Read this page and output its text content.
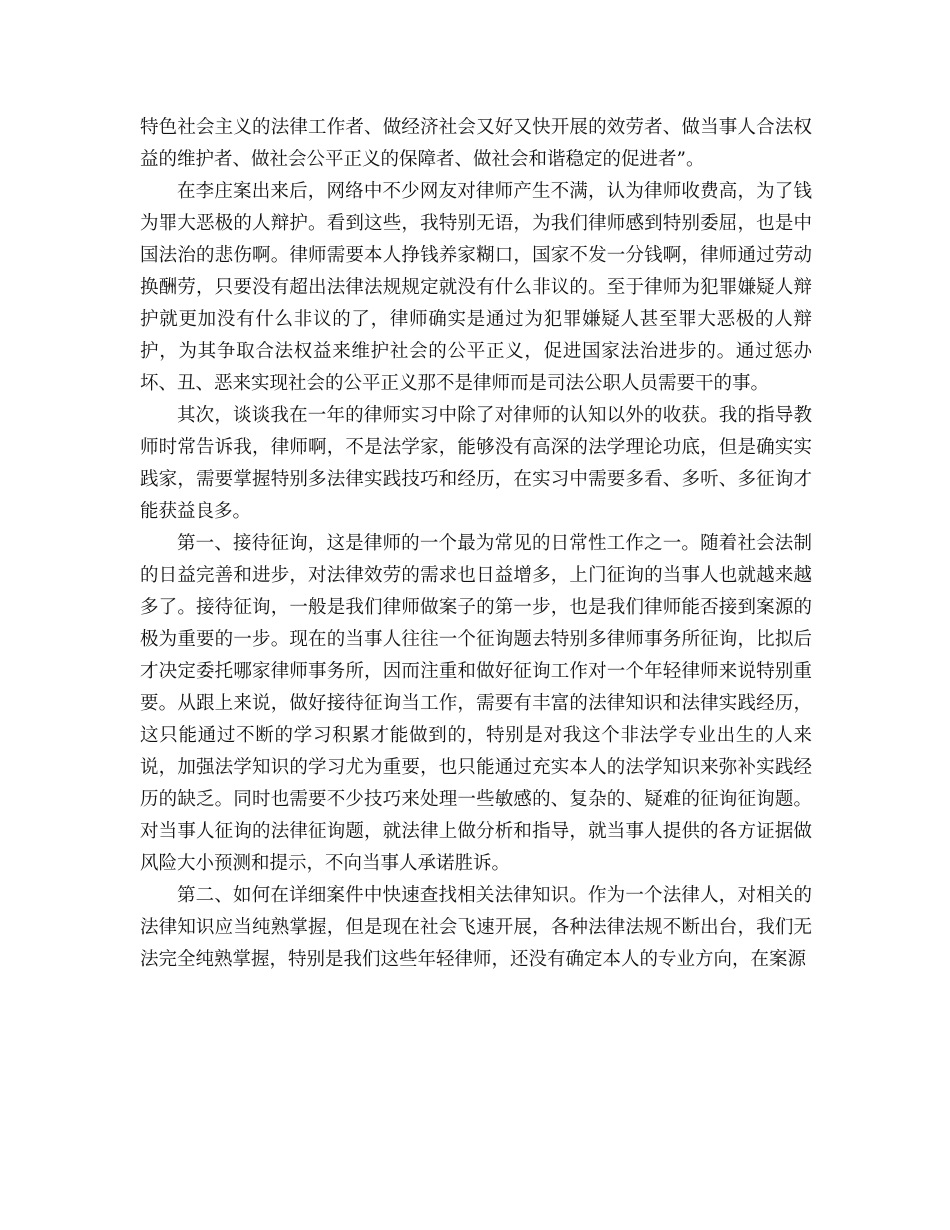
特色社会主义的法律工作者、做经济社会又好又快开展的效劳者、做当事人合法权益的维护者、做社会公平正义的保障者、做社会和谐稳定的促进者”。

在李庄案出来后，网络中不少网友对律师产生不满，认为律师收费高，为了钱为罪大恶极的人辩护。看到这些，我特别无语，为我们律师感到特别委屈，也是中国法治的悲伤啊。律师需要本人挣钱养家糊口，国家不发一分钱啊，律师通过劳动换酬劳，只要没有超出法律法规规定就没有什么非议的。至于律师为犯罪嫌疑人辩护就更加没有什么非议的了，律师确实是通过为犯罪嫌疑人甚至罪大恶极的人辩护，为其争取合法权益来维护社会的公平正义，促进国家法治进步的。通过惩办坏、丑、恶来实现社会的公平正义那不是律师而是司法公职人员需要干的事。

其次，谈谈我在一年的律师实习中除了对律师的认知以外的收获。我的指导教师时常告诉我，律师啊，不是法学家，能够没有高深的法学理论功底，但是确实实践家，需要掌握特别多法律实践技巧和经历，在实习中需要多看、多听、多征询才能获益良多。

第一、接待征询，这是律师的一个最为常见的日常性工作之一。随着社会法制的日益完善和进步，对法律效劳的需求也日益增多，上门征询的当事人也就越来越多了。接待征询，一般是我们律师做案子的第一步，也是我们律师能否接到案源的极为重要的一步。现在的当事人往往一个征询题去特别多律师事务所征询，比拟后才决定委托哪家律师事务所，因而注重和做好征询工作对一个年轻律师来说特别重要。从跟上来说，做好接待征询当工作，需要有丰富的法律知识和法律实践经历，这只能通过不断的学习积累才能做到的，特别是对我这个非法学专业出生的人来说，加强法学知识的学习尤为重要，也只能通过充实本人的法学知识来弥补实践经历的缺乏。同时也需要不少技巧来处理一些敏感的、复杂的、疑难的征询征询题。对当事人征询的法律征询题，就法律上做分析和指导，就当事人提供的各方证据做风险大小预测和提示，不向当事人承诺胜诉。

第二、如何在详细案件中快速查找相关法律知识。作为一个法律人，对相关的法律知识应当纯熟掌握，但是现在社会飞速开展，各种法律法规不断出台，我们无法完全纯熟掌握，特别是我们这些年轻律师，还没有确定本人的专业方向，在案源
